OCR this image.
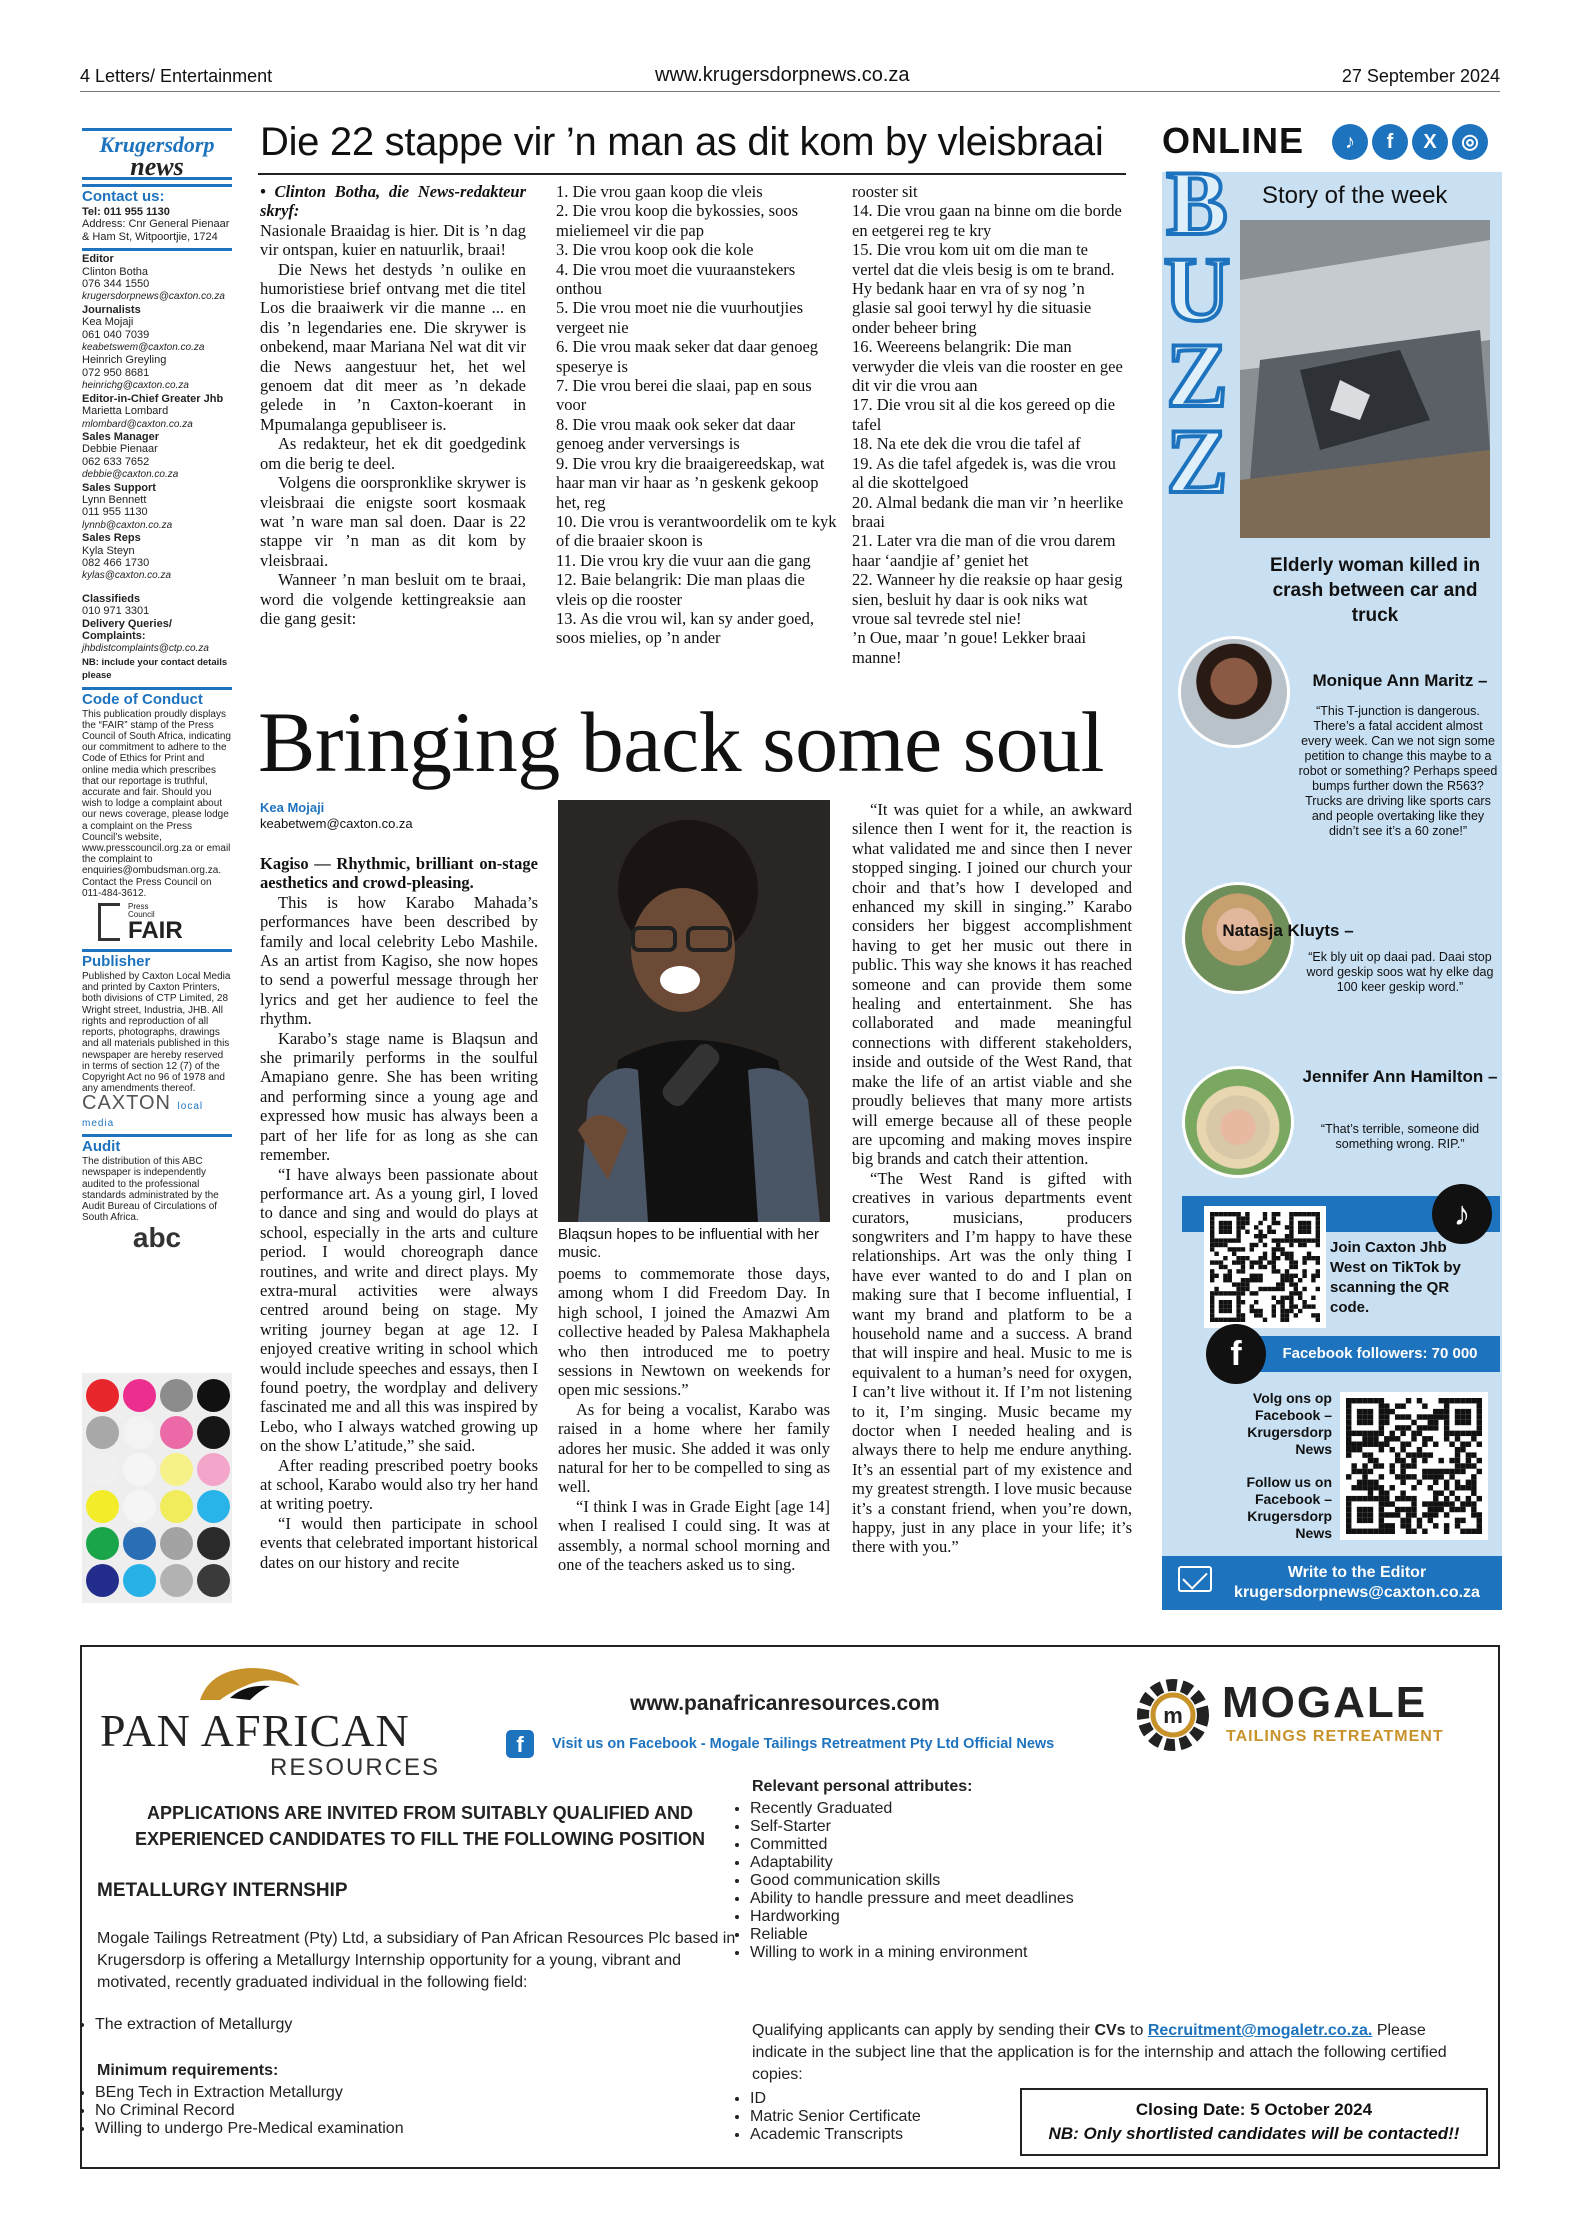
4 Letters/ Entertainment	www.krugersdorpnews.co.za	27 September 2024
Krugersdorp
news
Contact us:
Tel: 011 955 1130
Address: Cnr General Pienaar & Ham St, Witpoortjie, 1724
Editor
Clinton Botha
076 344 1550
krugersdorpnews@caxton.co.za
Journalists
Kea Mojaji
061 040 7039
keabetswem@caxton.co.za
Heinrich Greyling
072 950 8681
heinrichg@caxton.co.za
Editor-in-Chief Greater Jhb
Marietta Lombard
mlombard@caxton.co.za
Sales Manager
Debbie Pienaar
062 633 7652
debbie@caxton.co.za
Sales Support
Lynn Bennett
011 955 1130
lynnb@caxton.co.za
Sales Reps
Kyla Steyn
082 466 1730
kylas@caxton.co.za
Classifieds
010 971 3301
Delivery Queries/ Complaints:
jhbdistcomplaints@ctp.co.za
NB: include your contact details please
Code of Conduct
This publication proudly displays the “FAIR” stamp of the Press Council of South Africa, indicating our commitment to adhere to the Code of Ethics for Print and online media which prescribes that our reportage is truthful, accurate and fair. Should you wish to lodge a complaint about our news coverage, please lodge a complaint on the Press Council’s website, www.presscouncil.org.za or email the complaint to enquiries@ombudsman.org.za. Contact the Press Council on 011-484-3612.
Press Council
FAIR
Publisher
Published by Caxton Local Media and printed by Caxton Printers, both divisions of CTP Limited, 28 Wright street, Industria, JHB. All rights and reproduction of all reports, photographs, drawings and all materials published in this newspaper are hereby reserved in terms of section 12 (7) of the Copyright Act no 96 of 1978 and any amendments thereof.
CAXTON local media
Audit
The distribution of this ABC newspaper is independently audited to the professional standards administrated by the Audit Bureau of Circulations of South Africa.
abc
Die 22 stappe vir ’n man as dit kom by vleisbraai

• Clinton Botha, die News-redakteur skryf:

Nasionale Braaidag is hier. Dit is ’n dag vir ontspan, kuier en natuurlik, braai!

Die News het destyds ’n oulike en humoristiese brief ontvang met die titel Los die braaiwerk vir die manne ... en dis ’n legendaries ene. Die skrywer is onbekend, maar Mariana Nel wat dit vir die News aangestuur het, het wel genoem dat dit meer as ’n dekade gelede in ’n Caxton-koerant in Mpumalanga gepubliseer is.

As redakteur, het ek dit goedgedink om die berig te deel.

Volgens die oorspronklike skrywer is vleisbraai die enigste soort kosmaak wat ’n ware man sal doen. Daar is 22 stappe vir ’n man as dit kom by vleisbraai.

Wanneer ’n man besluit om te braai, word die volgende kettingreaksie aan die gang gesit:

1. Die vrou gaan koop die vleis

2. Die vrou koop die bykossies, soos mieliemeel vir die pap

3. Die vrou koop ook die kole

4. Die vrou moet die vuuraanstekers onthou

5. Die vrou moet nie die vuurhoutjies vergeet nie

6. Die vrou maak seker dat daar genoeg speserye is

7. Die vrou berei die slaai, pap en sous voor

8. Die vrou maak ook seker dat daar genoeg ander verversings is

9. Die vrou kry die braaigereedskap, wat haar man vir haar as ’n geskenk gekoop het, reg

10. Die vrou is verantwoordelik om te kyk of die braaier skoon is

11. Die vrou kry die vuur aan die gang

12. Baie belangrik: Die man plaas die vleis op die rooster

13. As die vrou wil, kan sy ander goed, soos mielies, op ’n ander

rooster sit

14. Die vrou gaan na binne om die borde en eetgerei reg te kry

15. Die vrou kom uit om die man te vertel dat die vleis besig is om te brand. Hy bedank haar en vra of sy nog ’n glasie sal gooi terwyl hy die situasie onder beheer bring

16. Weereens belangrik: Die man verwyder die vleis van die rooster en gee dit vir die vrou aan

17. Die vrou sit al die kos gereed op die tafel

18. Na ete dek die vrou die tafel af

19. As die tafel afgedek is, was die vrou al die skottelgoed

20. Almal bedank die man vir ’n heerlike braai

21. Later vra die man of die vrou darem haar ‘aandjie af’ geniet het

22. Wanneer hy die reaksie op haar gesig sien, besluit hy daar is ook niks wat vroue sal tevrede stel nie!

’n Oue, maar ’n goue! Lekker braai manne!

Bringing back some soul
Kea Mojaji
keabetwem@caxton.co.za

Kagiso — Rhythmic, brilliant on-stage aesthetics and crowd-pleasing.

This is how Karabo Mahada’s performances have been described by family and local celebrity Lebo Mashile. As an artist from Kagiso, she now hopes to send a powerful message through her lyrics and get her audience to feel the rhythm.

Karabo’s stage name is Blaqsun and she primarily performs in the soulful Amapiano genre. She has been writing and performing since a young age and expressed how music has always been a part of her life for as long as she can remember.

“I have always been passionate about performance art. As a young girl, I loved to dance and sing and would do plays at school, especially in the arts and culture period. I would choreograph dance routines, and write and direct plays. My extra-mural activities were always centred around being on stage. My writing journey began at age 12. I enjoyed creative writing in school which would include speeches and essays, then I found poetry, the wordplay and delivery fascinated me and all this was inspired by Lebo, who I always watched growing up on the show L’atitude,” she said.

After reading prescribed poetry books at school, Karabo would also try her hand at writing poetry.

“I would then participate in school events that celebrated important historical dates on our history and recite

Blaqsun hopes to be influential with her music.

poems to commemorate those days, among whom I did Freedom Day. In high school, I joined the Amazwi Am collective headed by Palesa Makhaphela who then introduced me to poetry sessions in Newtown on weekends for open mic sessions.”

As for being a vocalist, Karabo was raised in a home where her family adores her music. She added it was only natural for her to be compelled to sing as well.

“I think I was in Grade Eight [age 14] when I realised I could sing. It was at assembly, a normal school morning and one of the teachers asked us to sing.

“It was quiet for a while, an awkward silence then I went for it, the reaction is what validated me and since then I never stopped singing. I joined our church your choir and that’s how I developed and enhanced my skill in singing.” Karabo considers her biggest accomplishment having to get her music out there in public. This way she knows it has reached someone and can provide them some healing and entertainment. She has collaborated and made meaningful connections with different stakeholders, inside and outside of the West Rand, that make the life of an artist viable and she proudly believes that many more artists will emerge because all of these people are upcoming and making moves inspire big brands and catch their attention.

“The West Rand is gifted with creatives in various departments event curators, musicians, producers songwriters and I’m happy to have these relationships. Art was the only thing I have ever wanted to do and I plan on making sure that I become influential, I want my brand and platform to be a household name and a success. A brand that will inspire and heal. Music to me is equivalent to a human’s need for oxygen, I can’t live without it. If I’m not listening to it, I’m singing. Music became my doctor when I needed healing and is always there to help me endure anything. It’s an essential part of my existence and my greatest strength. I love music because it’s a constant friend, when you’re down, happy, just in any place in your life; it’s there with you.”

ONLINE	♪	f	X	◎
B
U
Z
Z
Story of the week
Elderly woman killed in crash between car and truck
Monique Ann Maritz –
“This T-junction is dangerous. There’s a fatal accident almost every week. Can we not sign some petition to change this maybe to a robot or something? Perhaps speed bumps further down the R563? Trucks are driving like sports cars and people overtaking like they didn’t see it’s a 60 zone!”
Natasja Kluyts –
“Ek bly uit op daai pad. Daai stop word geskip soos wat hy elke dag 100 keer geskip word.”
Jennifer Ann Hamilton –
“That’s terrible, someone did something wrong. RIP.”
♪
Join Caxton Jhb West on TikTok by scanning the QR code.
Facebook followers: 70 000
f
Volg ons op Facebook – Krugersdorp News
Follow us on Facebook – Krugersdorp News
Write to the Editor
krugersdorpnews@caxton.co.za
PAN AFRICAN
RESOURCES
www.panafricanresources.com
f	Visit us on Facebook - Mogale Tailings Retreatment Pty Ltd Official News
m MOGALE
TAILINGS RETREATMENT
APPLICATIONS ARE INVITED FROM SUITABLY QUALIFIED AND EXPERIENCED CANDIDATES TO FILL THE FOLLOWING POSITION
METALLURGY INTERNSHIP
Mogale Tailings Retreatment (Pty) Ltd, a subsidiary of Pan African Resources Plc based in Krugersdorp is offering a Metallurgy Internship opportunity for a young, vibrant and motivated, recently graduated individual in the following field:
• The extraction of Metallurgy
Minimum requirements:
• BEng Tech in Extraction Metallurgy
• No Criminal Record
• Willing to undergo Pre-Medical examination
Relevant personal attributes:
• Recently Graduated
• Self-Starter
• Committed
• Adaptability
• Good communication skills
• Ability to handle pressure and meet deadlines
• Hardworking
• Reliable
• Willing to work in a mining environment
Qualifying applicants can apply by sending their CVs to Recruitment@mogaletr.co.za. Please indicate in the subject line that the application is for the internship and attach the following certified copies:
• ID
• Matric Senior Certificate
• Academic Transcripts
Closing Date: 5 October 2024
NB: Only shortlisted candidates will be contacted!!
